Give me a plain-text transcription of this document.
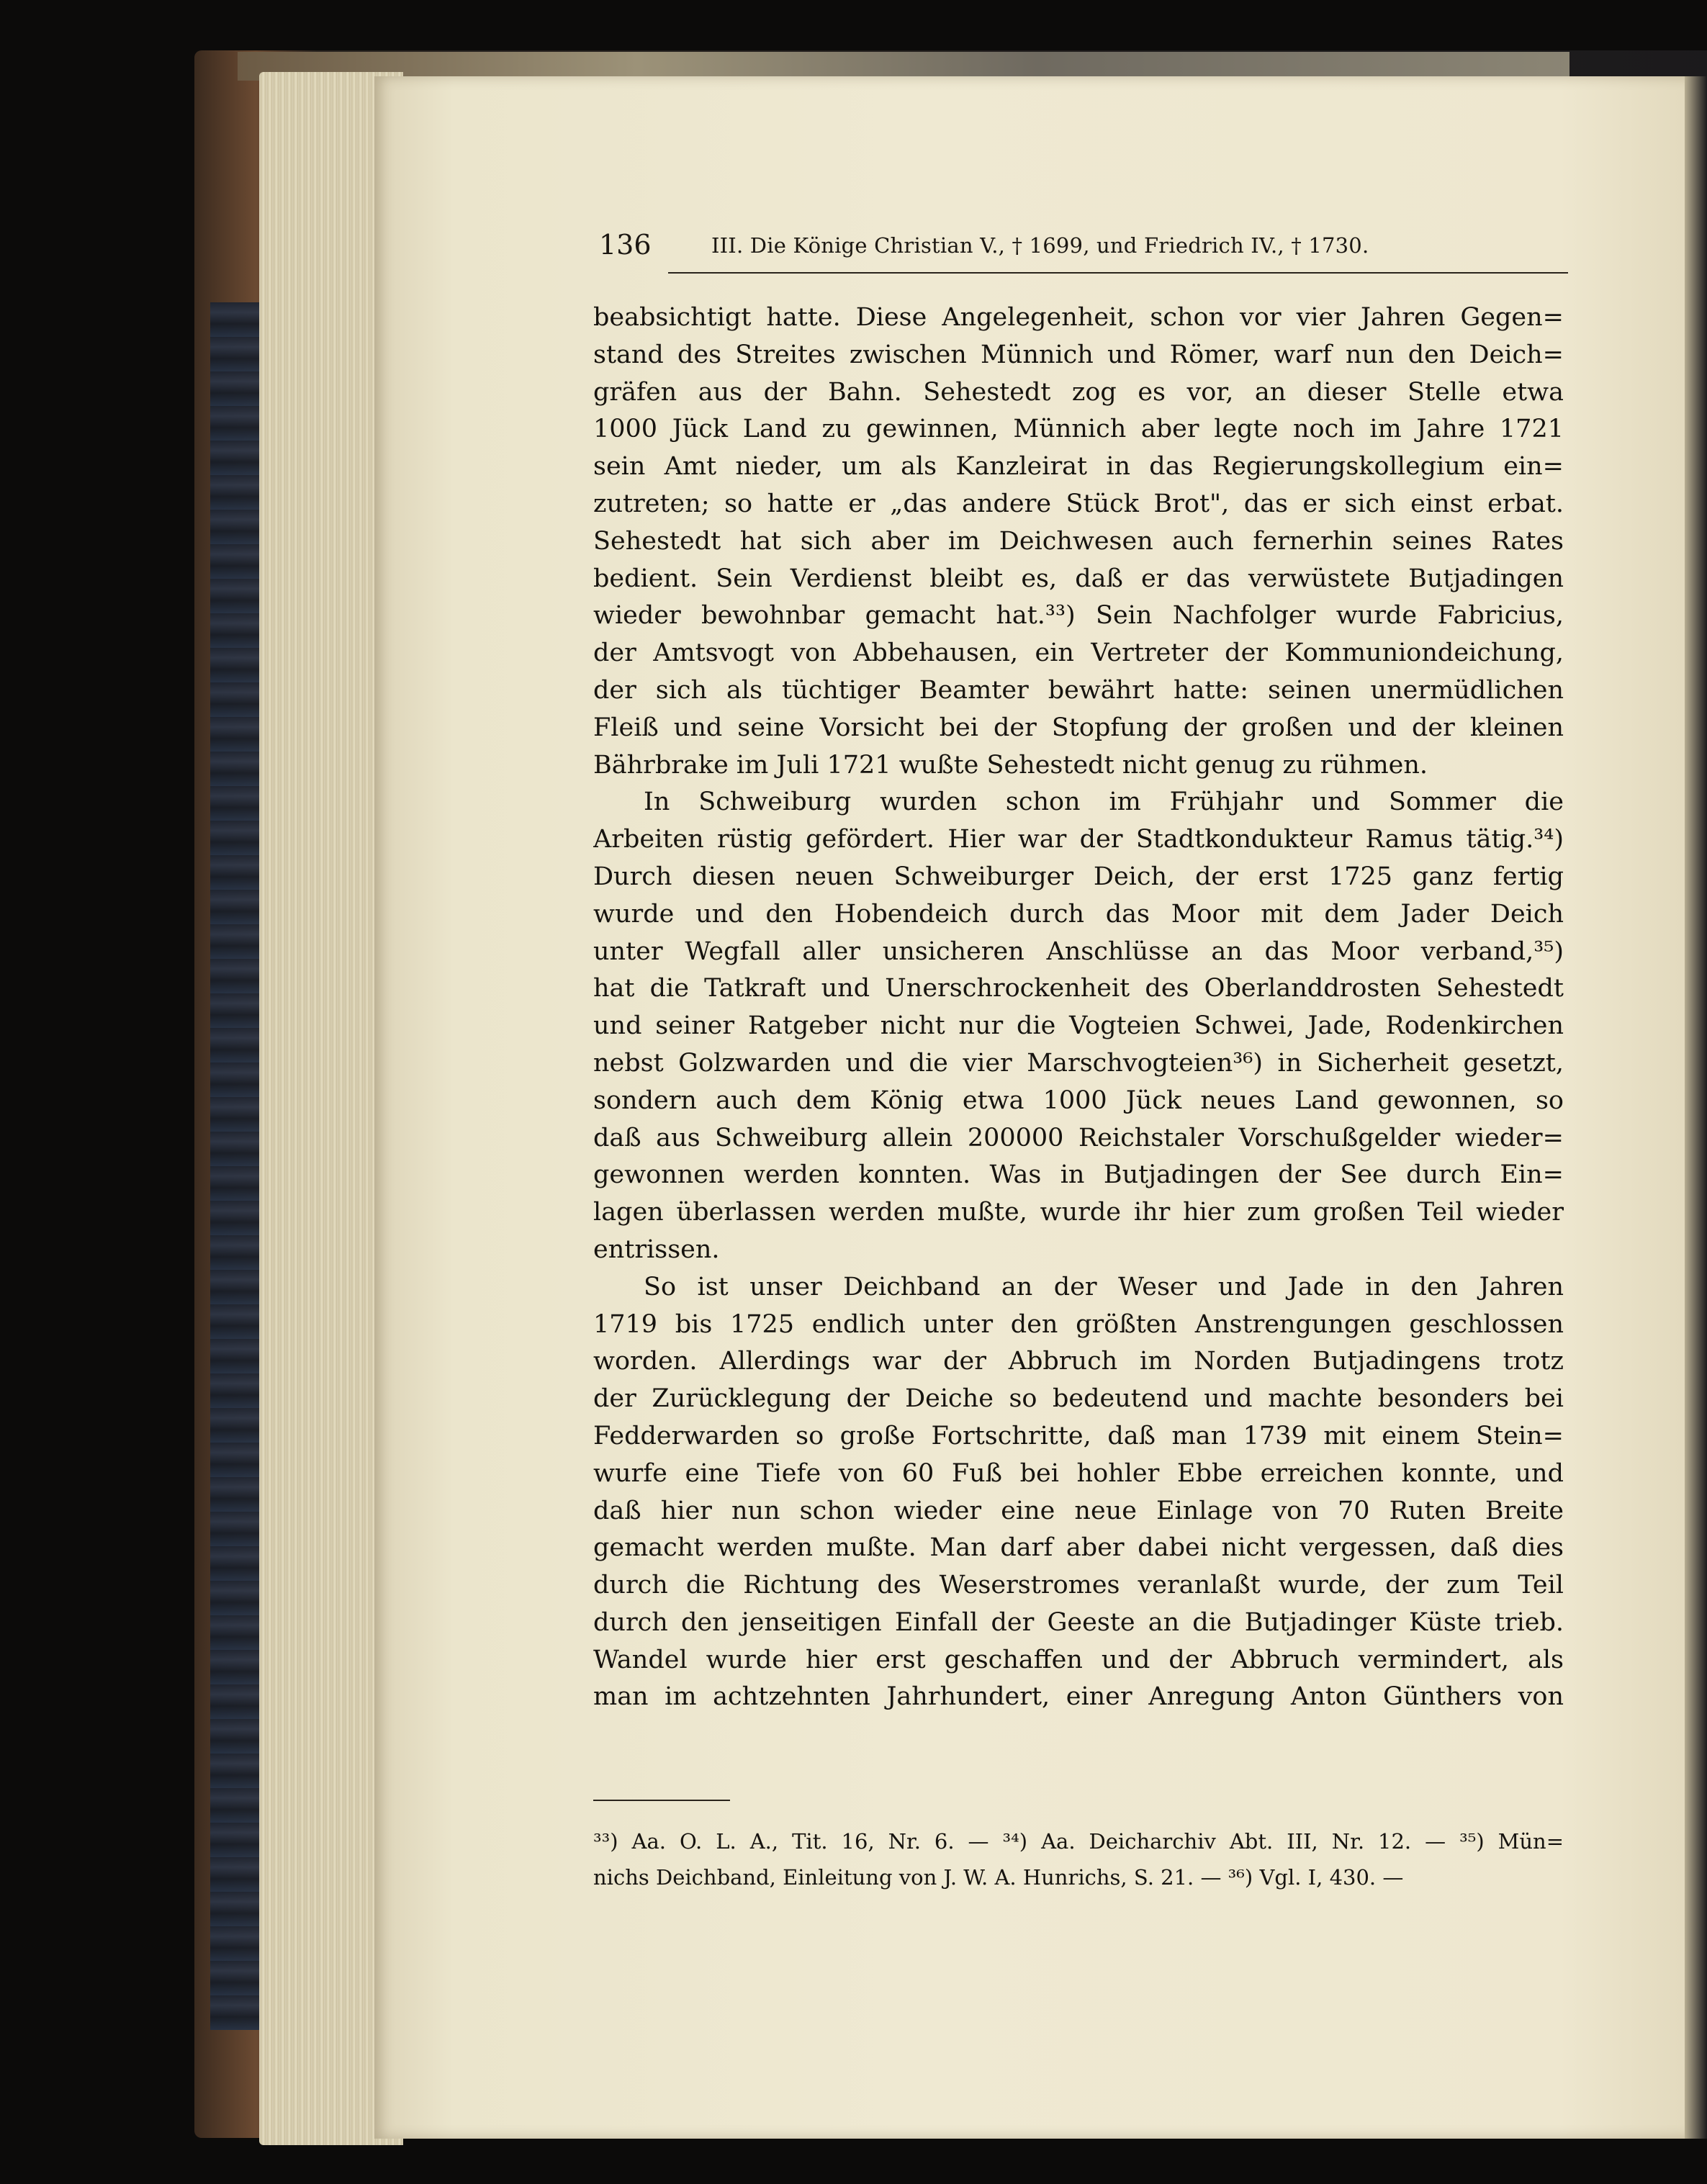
136	III. Die Könige Christian V., † 1699, und Friedrich IV., † 1730.
beabsichtigt hatte. Diese Angelegenheit, schon vor vier Jahren Gegen=
stand des Streites zwischen Münnich und Römer, warf nun den Deich=
gräfen aus der Bahn. Sehestedt zog es vor, an dieser Stelle etwa
1000 Jück Land zu gewinnen, Münnich aber legte noch im Jahre 1721
sein Amt nieder, um als Kanzleirat in das Regierungskollegium ein=
zutreten; so hatte er „das andere Stück Brot", das er sich einst erbat.
Sehestedt hat sich aber im Deichwesen auch fernerhin seines Rates
bedient. Sein Verdienst bleibt es, daß er das verwüstete Butjadingen
wieder bewohnbar gemacht hat.³³) Sein Nachfolger wurde Fabricius,
der Amtsvogt von Abbehausen, ein Vertreter der Kommuniondeichung,
der sich als tüchtiger Beamter bewährt hatte: seinen unermüdlichen
Fleiß und seine Vorsicht bei der Stopfung der großen und der kleinen
Bährbrake im Juli 1721 wußte Sehestedt nicht genug zu rühmen.
In Schweiburg wurden schon im Frühjahr und Sommer die
Arbeiten rüstig gefördert. Hier war der Stadtkondukteur Ramus tätig.³⁴)
Durch diesen neuen Schweiburger Deich, der erst 1725 ganz fertig
wurde und den Hobendeich durch das Moor mit dem Jader Deich
unter Wegfall aller unsicheren Anschlüsse an das Moor verband,³⁵)
hat die Tatkraft und Unerschrockenheit des Oberlanddrosten Sehestedt
und seiner Ratgeber nicht nur die Vogteien Schwei, Jade, Rodenkirchen
nebst Golzwarden und die vier Marschvogteien³⁶) in Sicherheit gesetzt,
sondern auch dem König etwa 1000 Jück neues Land gewonnen, so
daß aus Schweiburg allein 200000 Reichstaler Vorschußgelder wieder=
gewonnen werden konnten. Was in Butjadingen der See durch Ein=
lagen überlassen werden mußte, wurde ihr hier zum großen Teil wieder
entrissen.
So ist unser Deichband an der Weser und Jade in den Jahren
1719 bis 1725 endlich unter den größten Anstrengungen geschlossen
worden. Allerdings war der Abbruch im Norden Butjadingens trotz
der Zurücklegung der Deiche so bedeutend und machte besonders bei
Fedderwarden so große Fortschritte, daß man 1739 mit einem Stein=
wurfe eine Tiefe von 60 Fuß bei hohler Ebbe erreichen konnte, und
daß hier nun schon wieder eine neue Einlage von 70 Ruten Breite
gemacht werden mußte. Man darf aber dabei nicht vergessen, daß dies
durch die Richtung des Weserstromes veranlaßt wurde, der zum Teil
durch den jenseitigen Einfall der Geeste an die Butjadinger Küste trieb.
Wandel wurde hier erst geschaffen und der Abbruch vermindert, als
man im achtzehnten Jahrhundert, einer Anregung Anton Günthers von
³³) Aa. O. L. A., Tit. 16, Nr. 6. — ³⁴) Aa. Deicharchiv Abt. III, Nr. 12. — ³⁵) Mün=
nichs Deichband, Einleitung von J. W. A. Hunrichs, S. 21. — ³⁶) Vgl. I, 430. —
